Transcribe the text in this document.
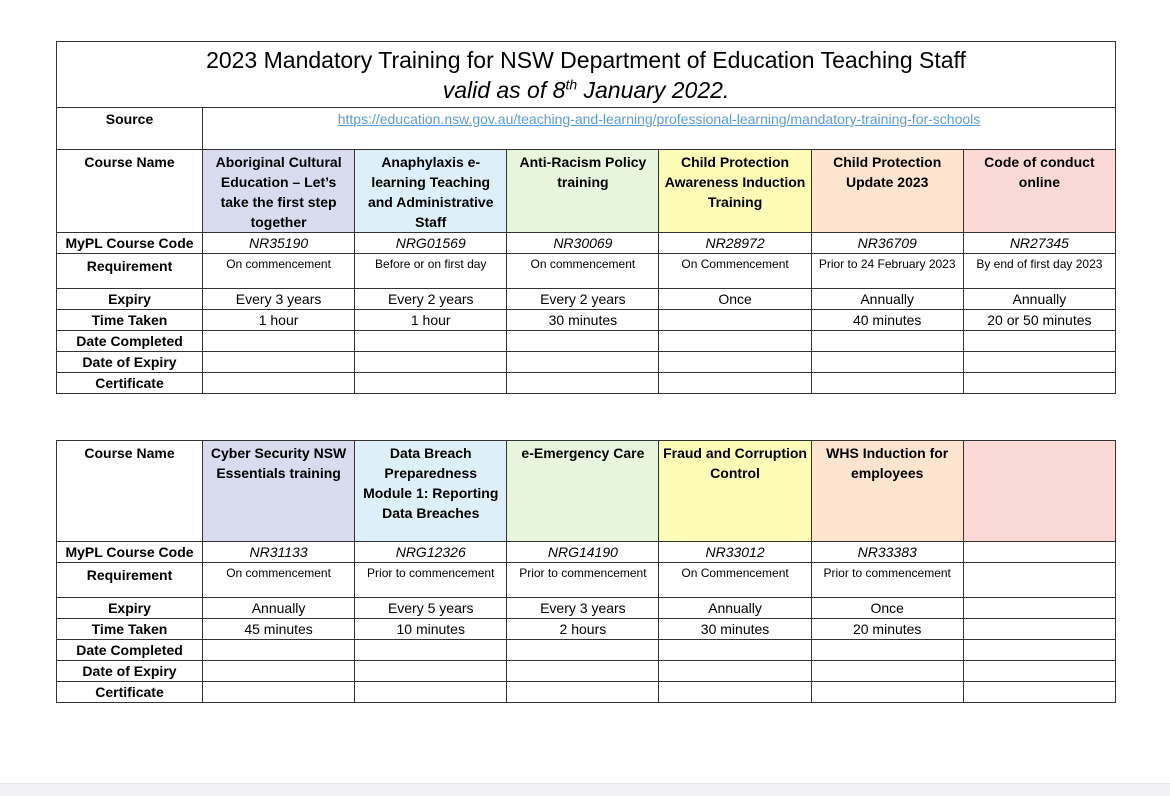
2023 Mandatory Training for NSW Department of Education Teaching Staff
valid as of 8th January 2022.						

Source	https://education.nsw.gov.au/teaching-and-learning/professional-learning/mandatory-training-for-schools					
Course Name	Aboriginal Cultural Education – Let’s take the first step together	Anaphylaxis e-learning Teaching and Administrative Staff	Anti-Racism Policy training	Child Protection Awareness Induction Training	Child Protection Update 2023	Code of conduct online
MyPL Course Code	NR35190	NRG01569	NR30069	NR28972	NR36709	NR27345
Requirement	On commencement	Before or on first day	On commencement	On Commencement	Prior to 24 February 2023	By end of first day 2023
Expiry	Every 3 years	Every 2 years	Every 2 years	Once	Annually	Annually
Time Taken	1 hour	1 hour	30 minutes		40 minutes	20 or 50 minutes
Date Completed						
Date of Expiry						
Certificate						
Course Name	Cyber Security NSW Essentials training	Data Breach Preparedness Module 1: Reporting Data Breaches	e-Emergency Care	Fraud and Corruption Control	WHS Induction for employees	
MyPL Course Code	NR31133	NRG12326	NRG14190	NR33012	NR33383	
Requirement	On commencement	Prior to commencement	Prior to commencement	On Commencement	Prior to commencement	
Expiry	Annually	Every 5 years	Every 3 years	Annually	Once	
Time Taken	45 minutes	10 minutes	2 hours	30 minutes	20 minutes	
Date Completed						
Date of Expiry						
Certificate						
